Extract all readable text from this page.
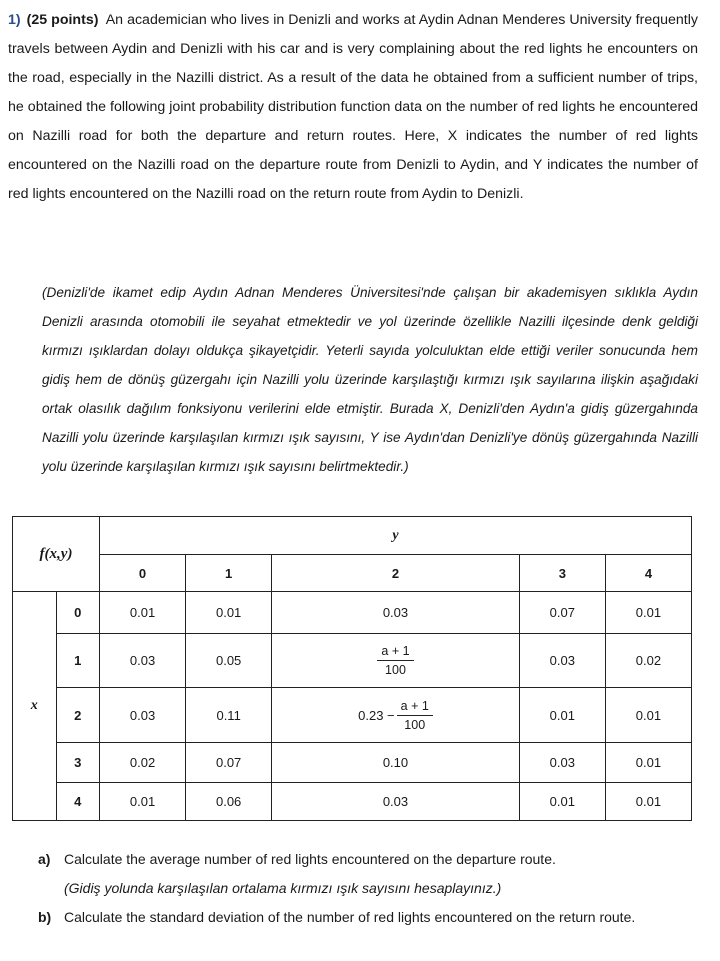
1) (25 points) An academician who lives in Denizli and works at Aydin Adnan Menderes University frequently travels between Aydin and Denizli with his car and is very complaining about the red lights he encounters on the road, especially in the Nazilli district. As a result of the data he obtained from a sufficient number of trips, he obtained the following joint probability distribution function data on the number of red lights he encountered on Nazilli road for both the departure and return routes. Here, X indicates the number of red lights encountered on the Nazilli road on the departure route from Denizli to Aydin, and Y indicates the number of red lights encountered on the Nazilli road on the return route from Aydin to Denizli.
(Denizli'de ikamet edip Aydın Adnan Menderes Üniversitesi'nde çalışan bir akademisyen sıklıkla Aydın Denizli arasında otomobili ile seyahat etmektedir ve yol üzerinde özellikle Nazilli ilçesinde denk geldiği kırmızı ışıklardan dolayı oldukça şikayetçidir. Yeterli sayıda yolculuktan elde ettiği veriler sonucunda hem gidiş hem de dönüş güzergahı için Nazilli yolu üzerinde karşılaştığı kırmızı ışık sayılarına ilişkin aşağıdaki ortak olasılık dağılım fonksiyonu verilerini elde etmiştir. Burada X, Denizli'den Aydın'a gidiş güzergahında Nazilli yolu üzerinde karşılaşılan kırmızı ışık sayısını, Y ise Aydın'dan Denizli'ye dönüş güzergahında Nazilli yolu üzerinde karşılaşılan kırmızı ışık sayısını belirtmektedir.)
f(x,y)		y				
		0	1	2	3	4
x	0	0.01	0.01	0.03	0.07	0.01
	1	0.03	0.05	$\frac{a + 1}{100}$	0.03	0.02
	2	0.03	0.11	$0.23 - \frac{a + 1}{100}$	0.01	0.01
	3	0.02	0.07	0.10	0.03	0.01
	4	0.01	0.06	0.03	0.01	0.01
a) Calculate the average number of red lights encountered on the departure route.
(Gidiş yolunda karşılaşılan ortalama kırmızı ışık sayısını hesaplayınız.)
b) Calculate the standard deviation of the number of red lights encountered on the return route.
